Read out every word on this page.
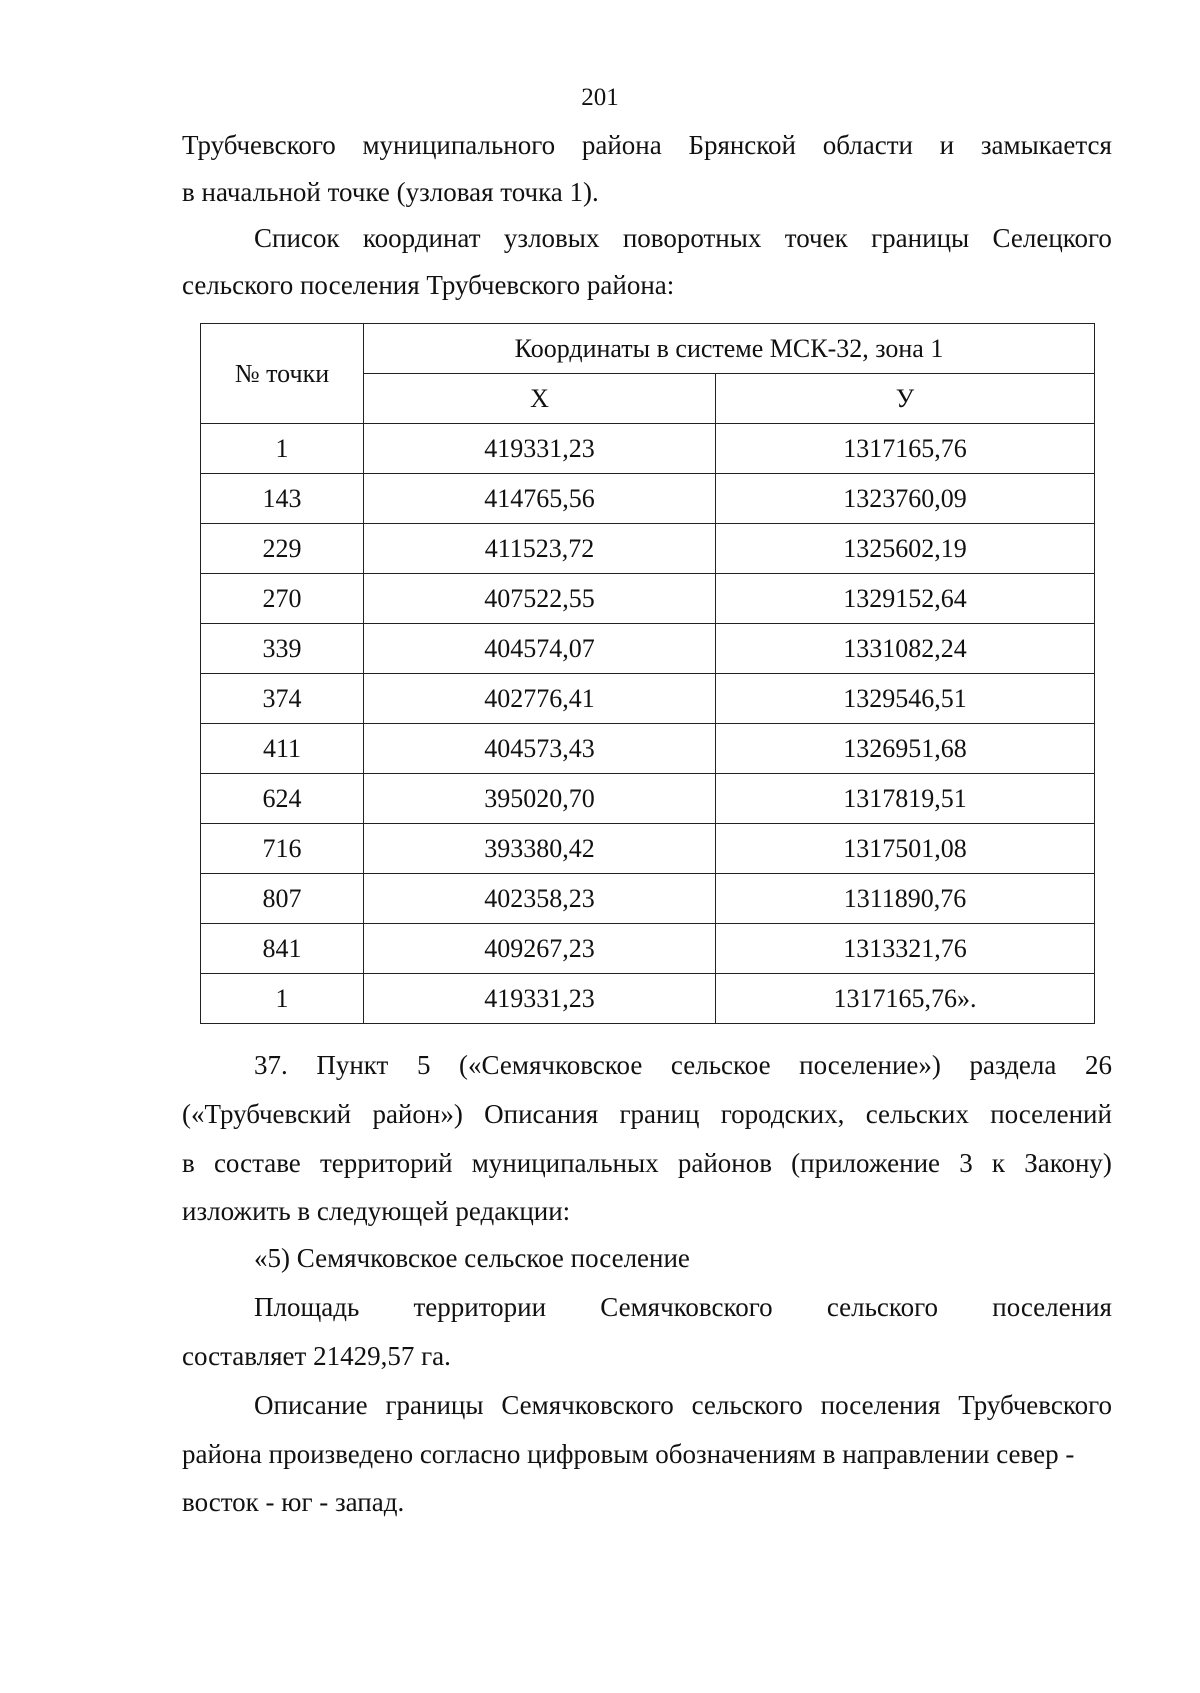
201
Трубчевского муниципального района Брянской области и замыкается
в начальной точке (узловая точка 1).
Список координат узловых поворотных точек границы Селецкого
сельского поселения Трубчевского района:
№ точки	Координаты в системе МСК-32, зона 1	
	Х	У
1	419331,23	1317165,76
143	414765,56	1323760,09
229	411523,72	1325602,19
270	407522,55	1329152,64
339	404574,07	1331082,24
374	402776,41	1329546,51
411	404573,43	1326951,68
624	395020,70	1317819,51
716	393380,42	1317501,08
807	402358,23	1311890,76
841	409267,23	1313321,76
1	419331,23	1317165,76».
37. Пункт 5 («Семячковское сельское поселение») раздела 26
(«Трубчевский район») Описания границ городских, сельских поселений
в составе территорий муниципальных районов (приложение 3 к Закону)
изложить в следующей редакции:
«5) Семячковское сельское поселение
Площадь территории Семячковского сельского поселения
составляет 21429,57 га.
Описание границы Семячковского сельского поселения Трубчевского
района произведено согласно цифровым обозначениям в направлении север -
восток - юг - запад.
